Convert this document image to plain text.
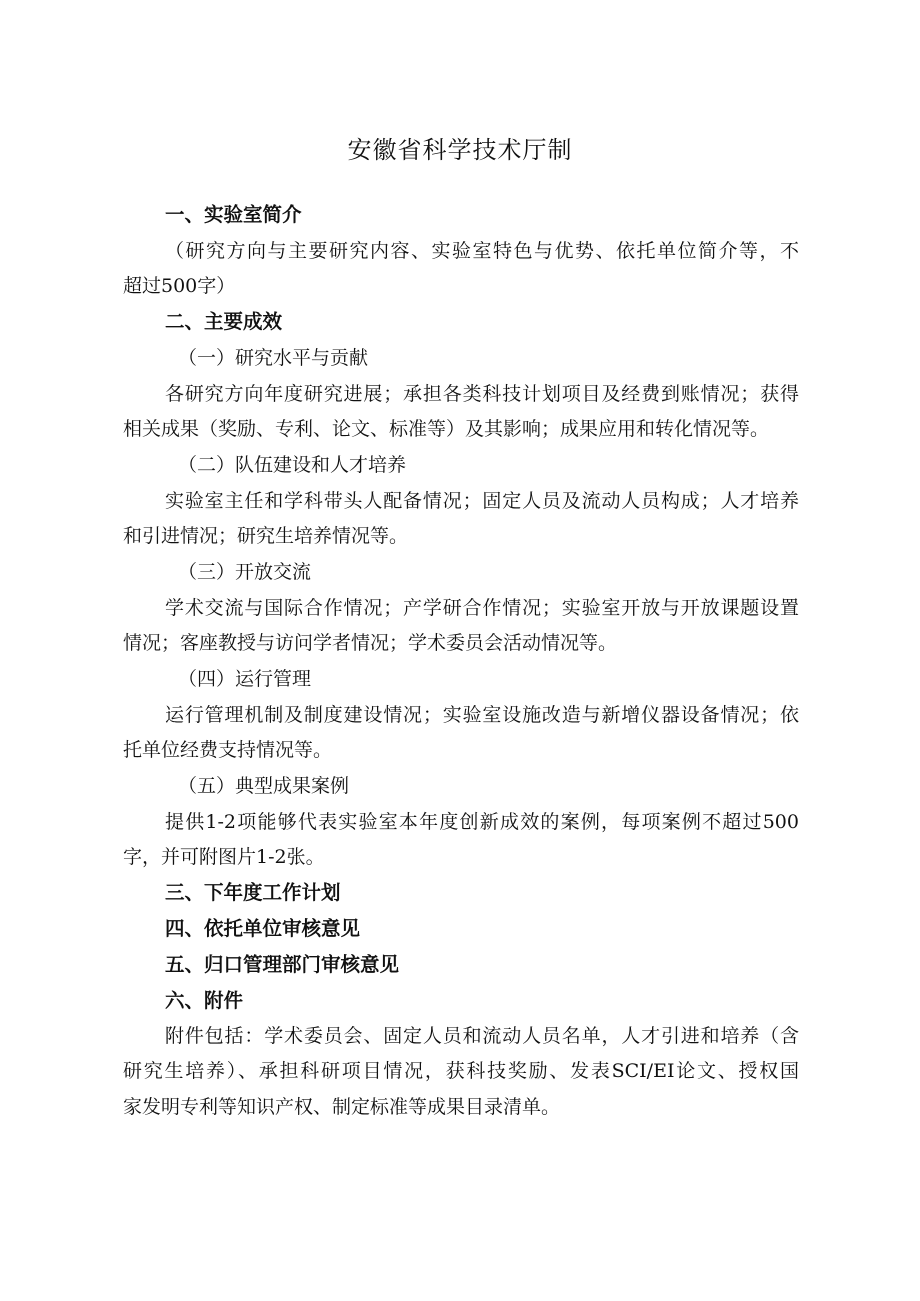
安徽省科学技术厅制
一、实验室简介
（研究方向与主要研究内容、实验室特色与优势、依托单位简介等，不
超过500字）
二、主要成效
（一）研究水平与贡献
各研究方向年度研究进展；承担各类科技计划项目及经费到账情况；获得
相关成果（奖励、专利、论文、标准等）及其影响；成果应用和转化情况等。
（二）队伍建设和人才培养
实验室主任和学科带头人配备情况；固定人员及流动人员构成；人才培养
和引进情况；研究生培养情况等。
（三）开放交流
学术交流与国际合作情况；产学研合作情况；实验室开放与开放课题设置
情况；客座教授与访问学者情况；学术委员会活动情况等。
（四）运行管理
运行管理机制及制度建设情况；实验室设施改造与新增仪器设备情况；依
托单位经费支持情况等。
（五）典型成果案例
提供1-2项能够代表实验室本年度创新成效的案例，每项案例不超过500
字，并可附图片1-2张。
三、下年度工作计划
四、依托单位审核意见
五、归口管理部门审核意见
六、附件
附件包括：学术委员会、固定人员和流动人员名单，人才引进和培养（含
研究生培养）、承担科研项目情况，获科技奖励、发表SCI/EI论文、授权国
家发明专利等知识产权、制定标准等成果目录清单。
